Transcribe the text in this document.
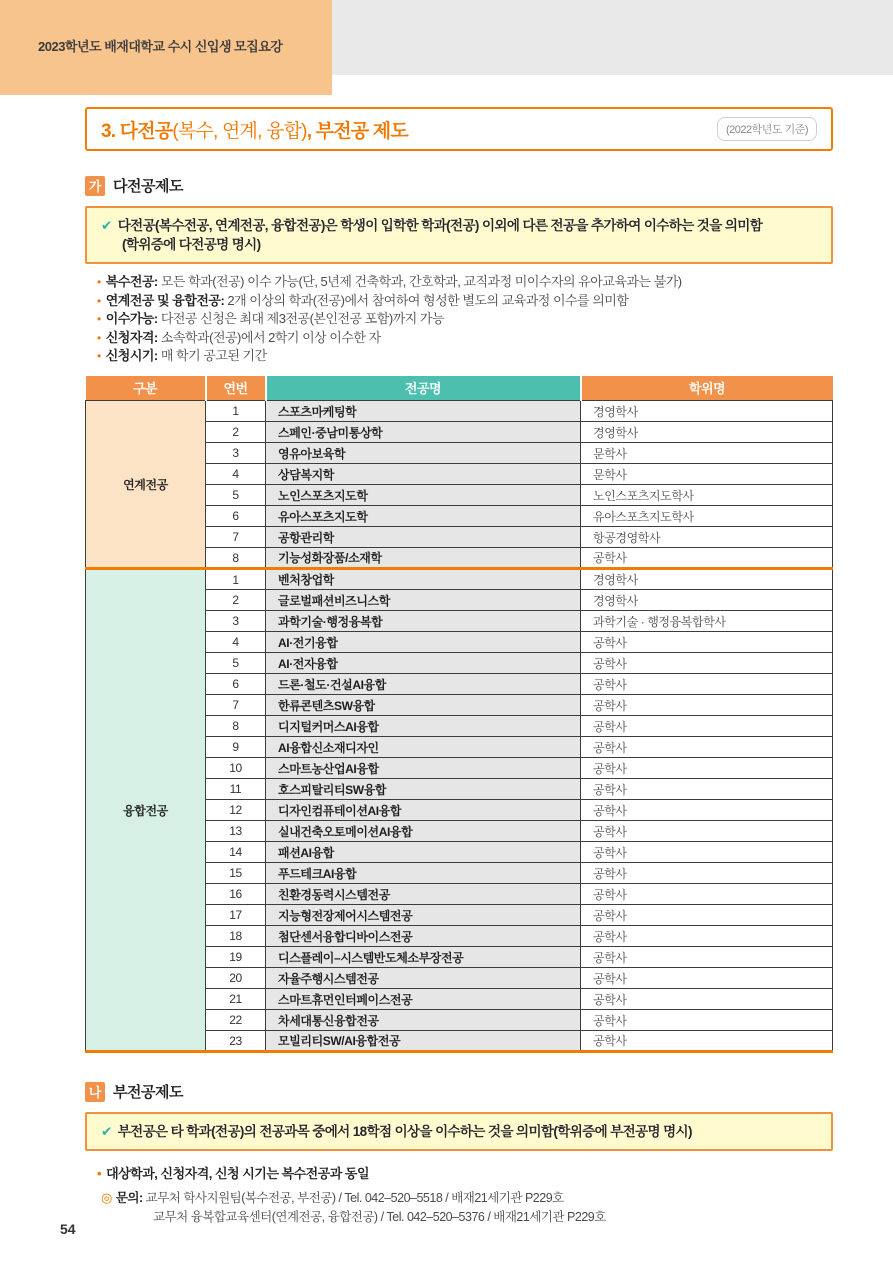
2023학년도 배재대학교 수시 신입생 모집요강
3. 다전공(복수, 연계, 융합), 부전공 제도	(2022학년도 기준)
가 다전공제도
✔ 다전공(복수전공, 연계전공, 융합전공)은 학생이 입학한 학과(전공) 이외에 다른 전공을 추가하여 이수하는 것을 의미함
(학위증에 다전공명 명시)
• 복수전공: 모든 학과(전공) 이수 가능(단, 5년제 건축학과, 간호학과, 교직과정 미이수자의 유아교육과는 불가)
• 연계전공 및 융합전공: 2개 이상의 학과(전공)에서 참여하여 형성한 별도의 교육과정 이수를 의미함
• 이수가능: 다전공 신청은 최대 제3전공(본인전공 포함)까지 가능
• 신청자격: 소속학과(전공)에서 2학기 이상 이수한 자
• 신청시기: 매 학기 공고된 기간
구분	연번	전공명	학위명
연계전공	1	스포츠마케팅학	경영학사
	2	스페인·중남미통상학	경영학사
	3	영유아보육학	문학사
	4	상담복지학	문학사
	5	노인스포츠지도학	노인스포츠지도학사
	6	유아스포츠지도학	유아스포츠지도학사
	7	공항관리학	항공경영학사
	8	기능성화장품/소재학	공학사
융합전공	1	벤처창업학	경영학사
	2	글로벌패션비즈니스학	경영학사
	3	과학기술·행정융복합	과학기술 · 행정융복합학사
	4	AI·전기융합	공학사
	5	AI·전자융합	공학사
	6	드론·철도·건설AI융합	공학사
	7	한류콘텐츠SW융합	공학사
	8	디지털커머스AI융합	공학사
	9	AI융합신소재디자인	공학사
	10	스마트농산업AI융합	공학사
	11	호스피탈리티SW융합	공학사
	12	디자인컴퓨테이션AI융합	공학사
	13	실내건축오토메이션AI융합	공학사
	14	패션AI융합	공학사
	15	푸드테크AI융합	공학사
	16	친환경동력시스템전공	공학사
	17	지능형전장제어시스템전공	공학사
	18	첨단센서융합디바이스전공	공학사
	19	디스플레이–시스템반도체소부장전공	공학사
	20	자율주행시스템전공	공학사
	21	스마트휴먼인터페이스전공	공학사
	22	차세대통신융합전공	공학사
	23	모빌리티SW/AI융합전공	공학사
나 부전공제도
✔ 부전공은 타 학과(전공)의 전공과목 중에서 18학점 이상을 이수하는 것을 의미함(학위증에 부전공명 명시)
• 대상학과, 신청자격, 신청 시기는 복수전공과 동일
◎ 문의: 교무처 학사지원팀(복수전공, 부전공) / Tel. 042–520–5518 / 배재21세기관 P229호
교무처 융복합교육센터(연계전공, 융합전공) / Tel. 042–520–5376 / 배재21세기관 P229호
54
